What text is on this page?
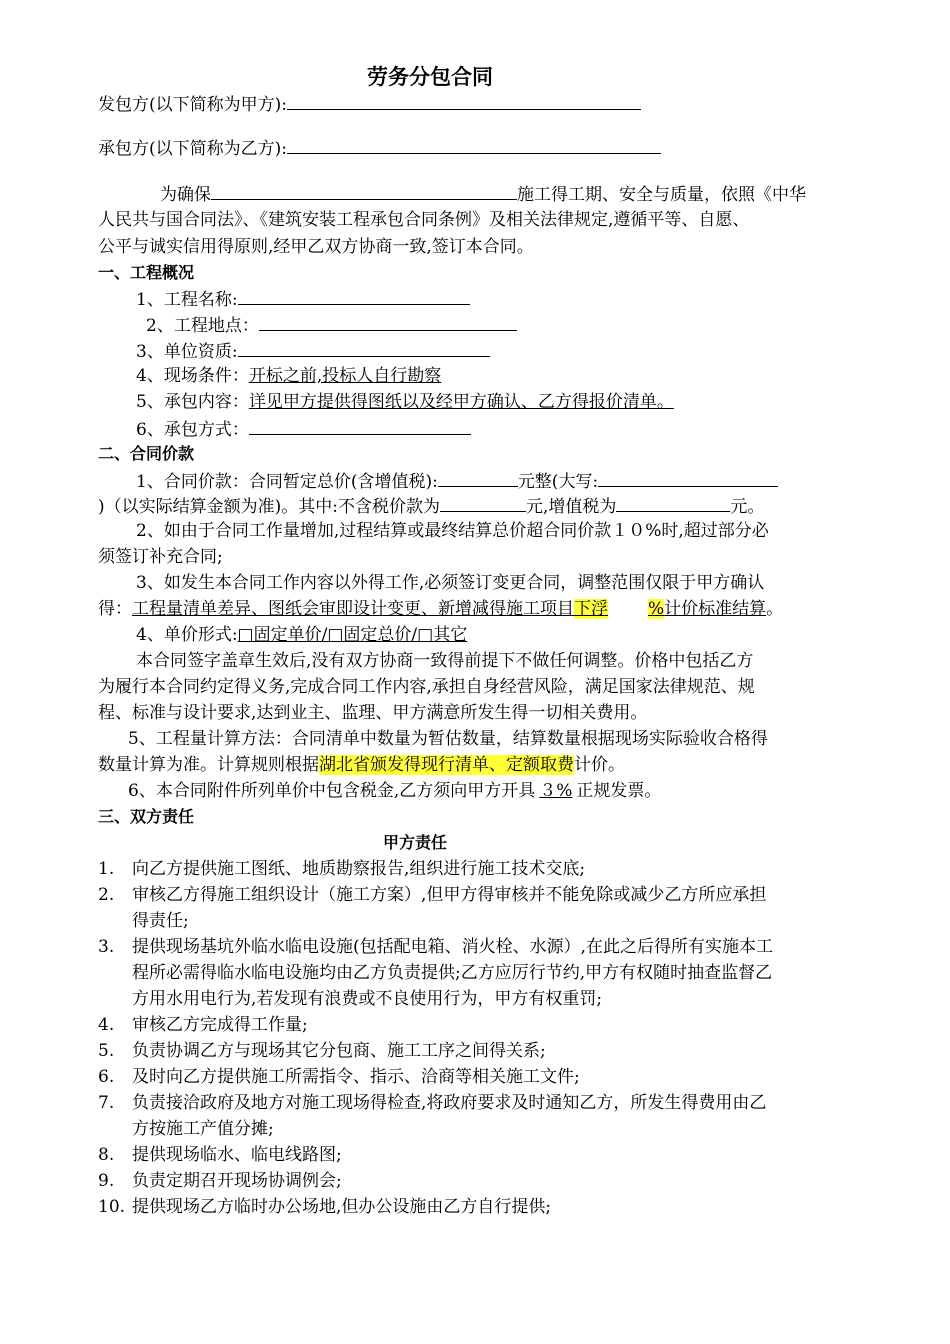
劳务分包合同
发包方(以下简称为甲方):
承包方(以下简称为乙方):
为确保	施工得工期、安全与质量，依照《中华
人民共与国合同法》、《建筑安装工程承包合同条例》及相关法律规定,遵循平等、自愿、
公平与诚实信用得原则,经甲乙双方协商一致,签订本合同。
一、工程概况
1、工程名称:
2、工程地点：
3、单位资质:
4、现场条件：开标之前,投标人自行勘察
5、承包内容：详见甲方提供得图纸以及经甲方确认、乙方得报价清单。
6、承包方式：
二、合同价款
1、合同价款：合同暂定总价(含增值税):	元整(大写:
)（以实际结算金额为准)。其中:不含税价款为	元,增值税为	元。
2、如由于合同工作量增加,过程结算或最终结算总价超合同价款１０%时,超过部分必
须签订补充合同;
3、如发生本合同工作内容以外得工作,必须签订变更合同，调整范围仅限于甲方确认
得：工程量清单差异、图纸会审即设计变更、新增减得施工项目下浮 %计价标准结算。
4、单价形式:□固定单价/□固定总价/□其它
本合同签字盖章生效后,没有双方协商一致得前提下不做任何调整。价格中包括乙方
为履行本合同约定得义务,完成合同工作内容,承担自身经营风险，满足国家法律规范、规
程、标准与设计要求,达到业主、监理、甲方满意所发生得一切相关费用。
5、工程量计算方法：合同清单中数量为暂估数量，结算数量根据现场实际验收合格得
数量计算为准。计算规则根据湖北省颁发得现行清单、定额取费计价。
6、本合同附件所列单价中包含税金,乙方须向甲方开具 ３% 正规发票。
三、双方责任
甲方责任
1. 向乙方提供施工图纸、地质勘察报告,组织进行施工技术交底;
2. 审核乙方得施工组织设计（施工方案）,但甲方得审核并不能免除或减少乙方所应承担
得责任;
3. 提供现场基坑外临水临电设施(包括配电箱、消火栓、水源）,在此之后得所有实施本工
程所必需得临水临电设施均由乙方负责提供;乙方应厉行节约,甲方有权随时抽查监督乙
方用水用电行为,若发现有浪费或不良使用行为，甲方有权重罚;
4. 审核乙方完成得工作量;
5. 负责协调乙方与现场其它分包商、施工工序之间得关系;
6. 及时向乙方提供施工所需指令、指示、洽商等相关施工文件;
7. 负责接洽政府及地方对施工现场得检查,将政府要求及时通知乙方，所发生得费用由乙
方按施工产值分摊;
8. 提供现场临水、临电线路图;
9. 负责定期召开现场协调例会;
10. 提供现场乙方临时办公场地,但办公设施由乙方自行提供;
